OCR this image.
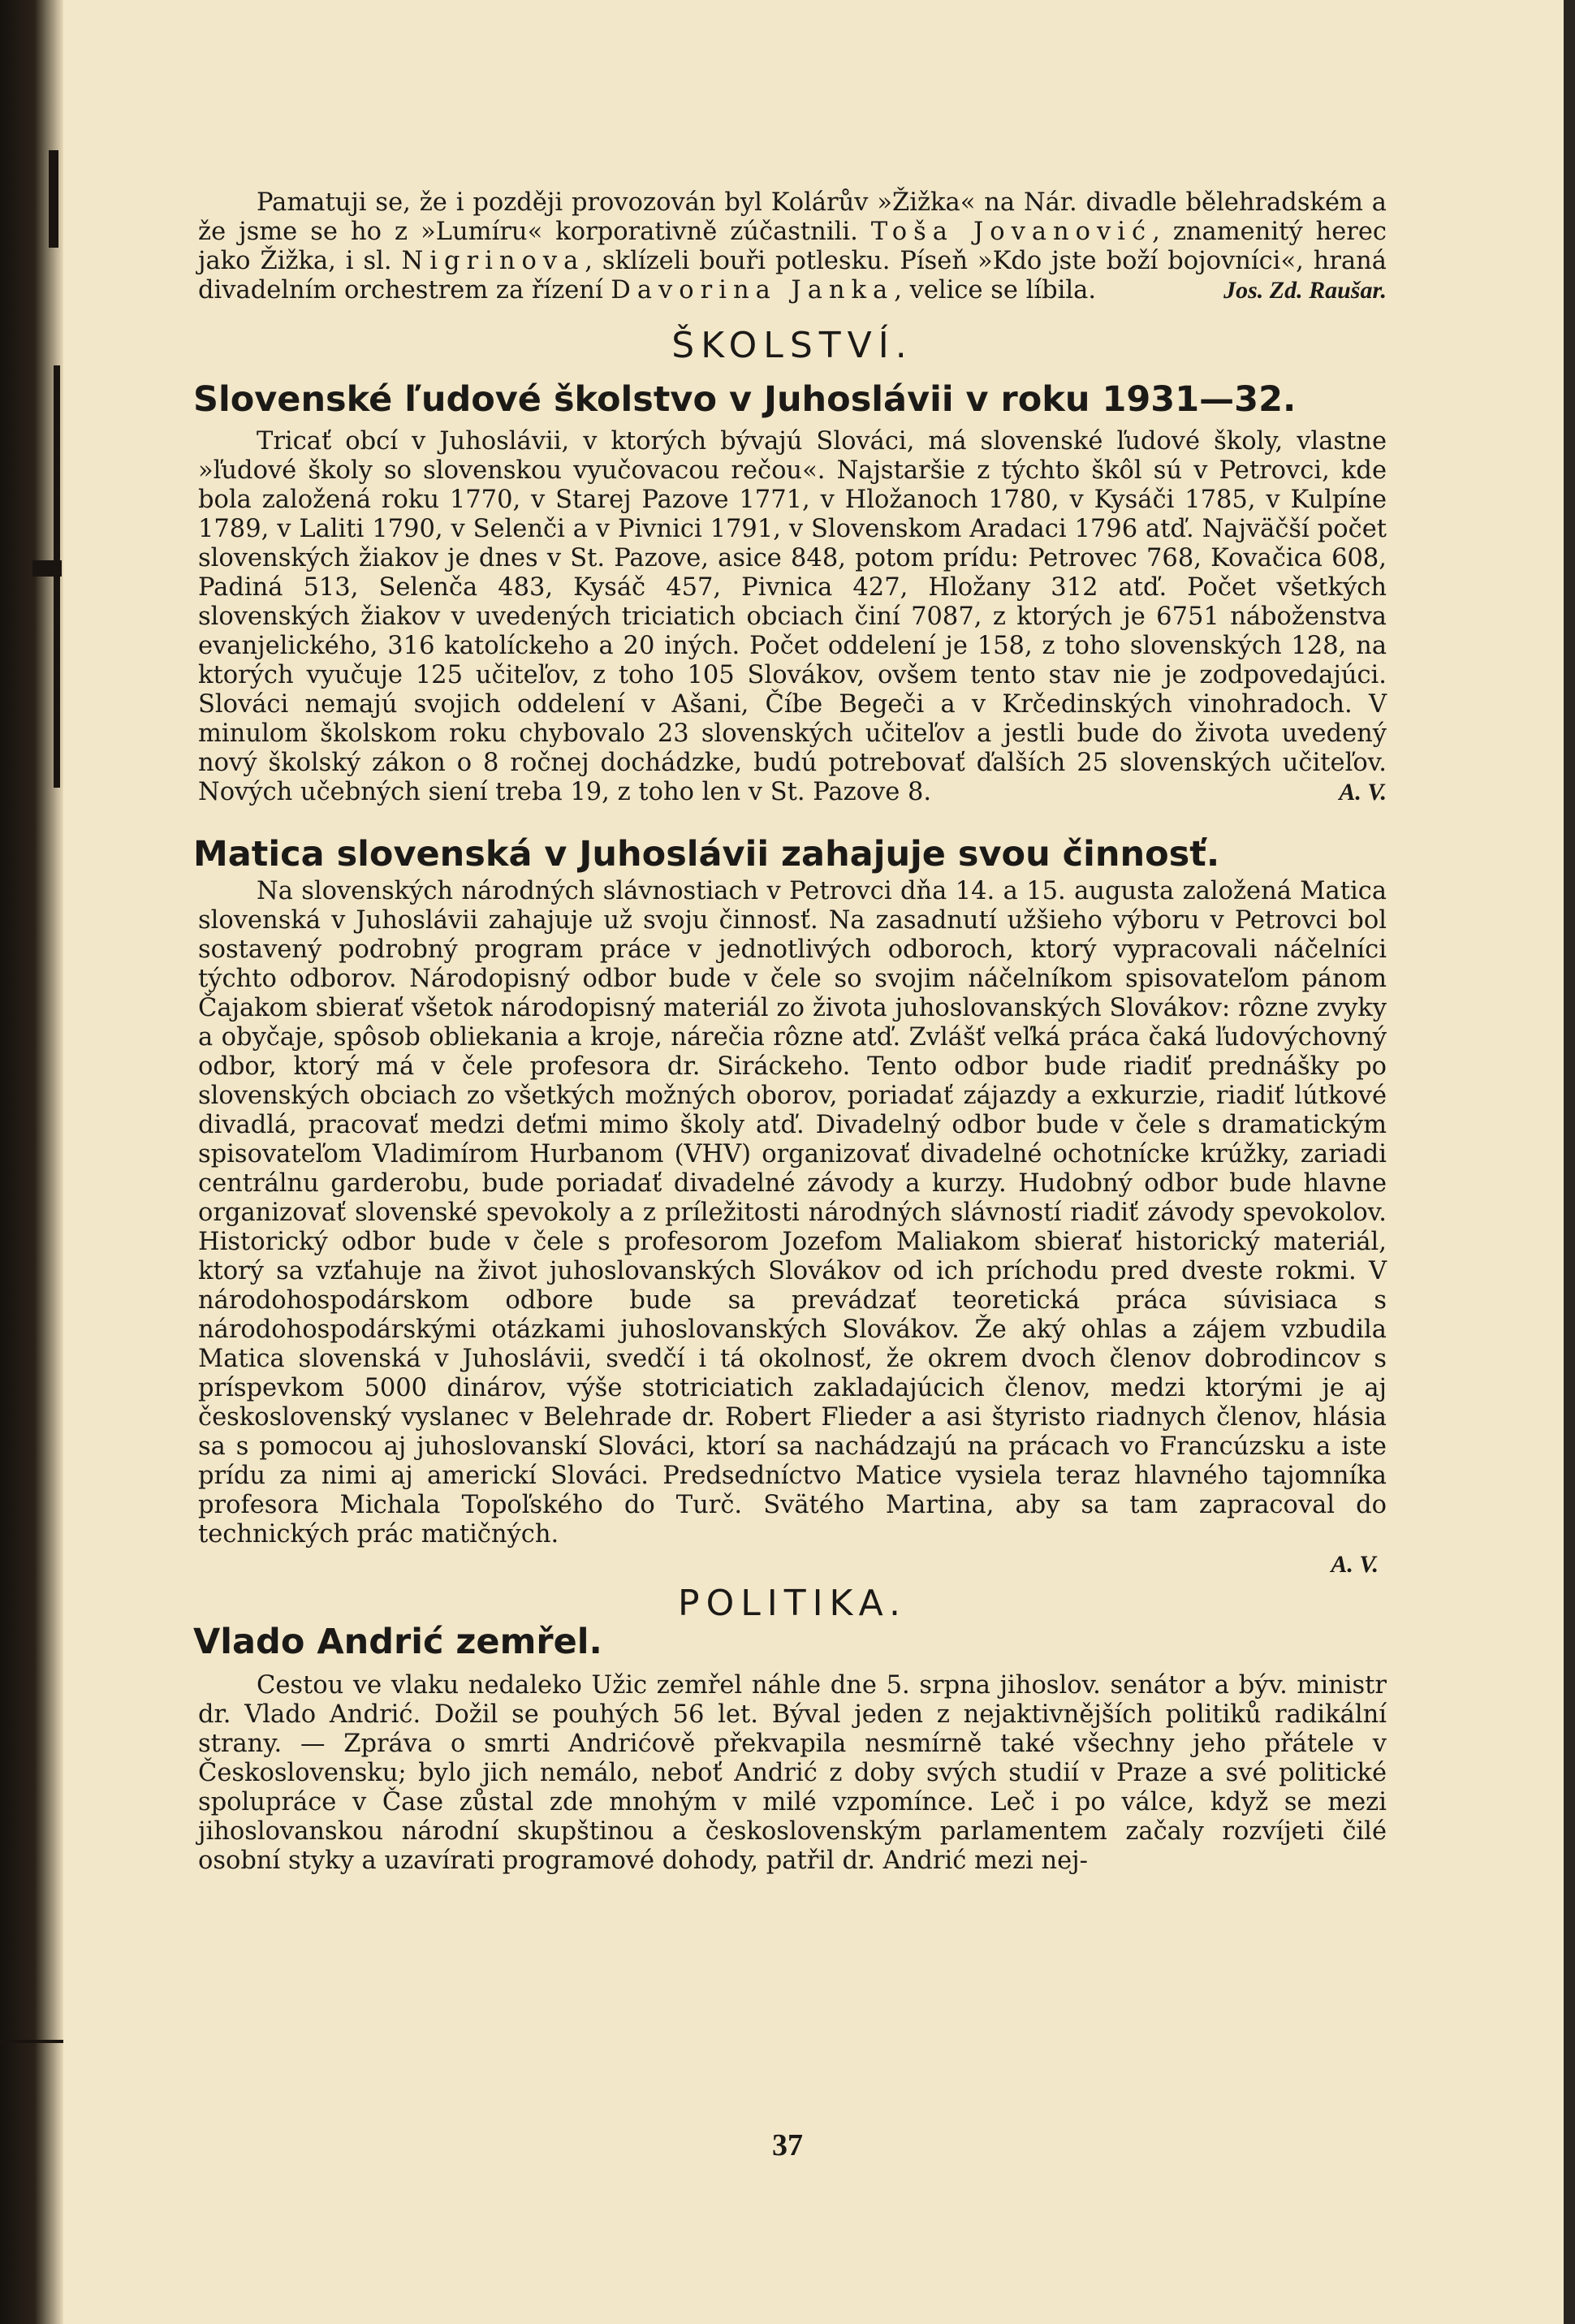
Pamatuji se, že i později provozován byl Kolárův »Žižka« na Nár. divadle bělehradském a že jsme se ho z »Lumíru« korporativně zúčastnili. Toša Jovanović, znamenitý herec jako Žižka, i sl. Nigrinova, sklízeli bouři potlesku. Píseň »Kdo jste boží bojovníci«, hraná divadelním orchestrem za řízení Davorina Janka, velice se líbila.	Jos. Zd. Raušar.

ŠKOLSTVÍ.
Slovenské ľudové školstvo v Juhoslávii v roku 1931—32.

Tricať obcí v Juhoslávii, v ktorých bývajú Slováci, má slovenské ľudové školy, vlastne »ľudové školy so slovenskou vyučovacou rečou«. Najstaršie z týchto škôl sú v Petrovci, kde bola založená roku 1770, v Starej Pazove 1771, v Hložanoch 1780, v Kysáči 1785, v Kulpíne 1789, v Laliti 1790, v Selenči a v Pivnici 1791, v Slovenskom Aradaci 1796 atď. Najväčší počet slovenských žiakov je dnes v St. Pazove, asice 848, potom prídu: Petrovec 768, Kovačica 608, Padiná 513, Selenča 483, Kysáč 457, Pivnica 427, Hložany 312 atď. Počet všetkých slovenských žiakov v uvedených triciatich obciach činí 7087, z ktorých je 6751 náboženstva evanjelického, 316 katolíckeho a 20 iných. Počet oddelení je 158, z toho slovenských 128, na ktorých vyučuje 125 učiteľov, z toho 105 Slovákov, ovšem tento stav nie je zodpovedajúci. Slováci nemajú svojich oddelení v Ašani, Číbe Begeči a v Krčedinských vinohradoch. V minulom školskom roku chybovalo 23 slovenských učiteľov a jestli bude do života uvedený nový školský zákon o 8 ročnej dochádzke, budú potrebovať ďalších 25 slovenských učiteľov. Nových učebných siení treba 19, z toho len v St. Pazove 8.	A. V.

Matica slovenská v Juhoslávii zahajuje svou činnosť.

Na slovenských národných slávnostiach v Petrovci dňa 14. a 15. augusta založená Matica slovenská v Juhoslávii zahajuje už svoju činnosť. Na zasadnutí užšieho výboru v Petrovci bol sostavený podrobný program práce v jednotlivých odboroch, ktorý vypracovali náčelníci týchto odborov. Národopisný odbor bude v čele so svojim náčelníkom spisovateľom pánom Čajakom sbierať všetok národopisný materiál zo života juhoslovanských Slovákov: rôzne zvyky a obyčaje, spôsob obliekania a kroje, nárečia rôzne atď. Zvlášť veľká práca čaká ľudovýchovný odbor, ktorý má v čele profesora dr. Siráckeho. Tento odbor bude riadiť prednášky po slovenských obciach zo všetkých možných oborov, poriadať zájazdy a exkurzie, riadiť lútkové divadlá, pracovať medzi deťmi mimo školy atď. Divadelný odbor bude v čele s dramatickým spisovateľom Vladimírom Hurbanom (VHV) organizovať divadelné ochotnícke krúžky, zariadi centrálnu garderobu, bude poriadať divadelné závody a kurzy. Hudobný odbor bude hlavne organizovať slovenské spevokoly a z príležitosti národných slávností riadiť závody spevokolov. Historický odbor bude v čele s profesorom Jozefom Maliakom sbierať historický materiál, ktorý sa vzťahuje na život juhoslovanských Slovákov od ich príchodu pred dveste rokmi. V národohospodárskom odbore bude sa prevádzať teoretická práca súvisiaca s národohospodárskými otázkami juhoslovanských Slovákov. Že aký ohlas a zájem vzbudila Matica slovenská v Juhoslávii, svedčí i tá okolnosť, že okrem dvoch členov dobrodincov s príspevkom 5000 dinárov, výše stotriciatich zakladajúcich členov, medzi ktorými je aj československý vyslanec v Belehrade dr. Robert Flieder a asi štyristo riadnych členov, hlásia sa s pomocou aj juhoslovanskí Slováci, ktorí sa nachádzajú na prácach vo Francúzsku a iste prídu za nimi aj americkí Slováci. Predsedníctvo Matice vysiela teraz hlavného tajomníka profesora Michala Topoľského do Turč. Svätého Martina, aby sa tam zapracoval do technických prác matičných.

A. V.

POLITIKA.
Vlado Andrić zemřel.

Cestou ve vlaku nedaleko Užic zemřel náhle dne 5. srpna jihoslov. senátor a býv. ministr dr. Vlado Andrić. Dožil se pouhých 56 let. Býval jeden z nejaktivnějších politiků radikální strany. — Zpráva o smrti Andrićově překvapila nesmírně také všechny jeho přátele v Československu; bylo jich nemálo, neboť Andrić z doby svých studií v Praze a své politické spolupráce v Čase zůstal zde mnohým v milé vzpomínce. Leč i po válce, když se mezi jihoslovanskou národní skupštinou a československým parlamentem začaly rozvíjeti čilé osobní styky a uzavírati programové dohody, patřil dr. Andrić mezi nej-

37
